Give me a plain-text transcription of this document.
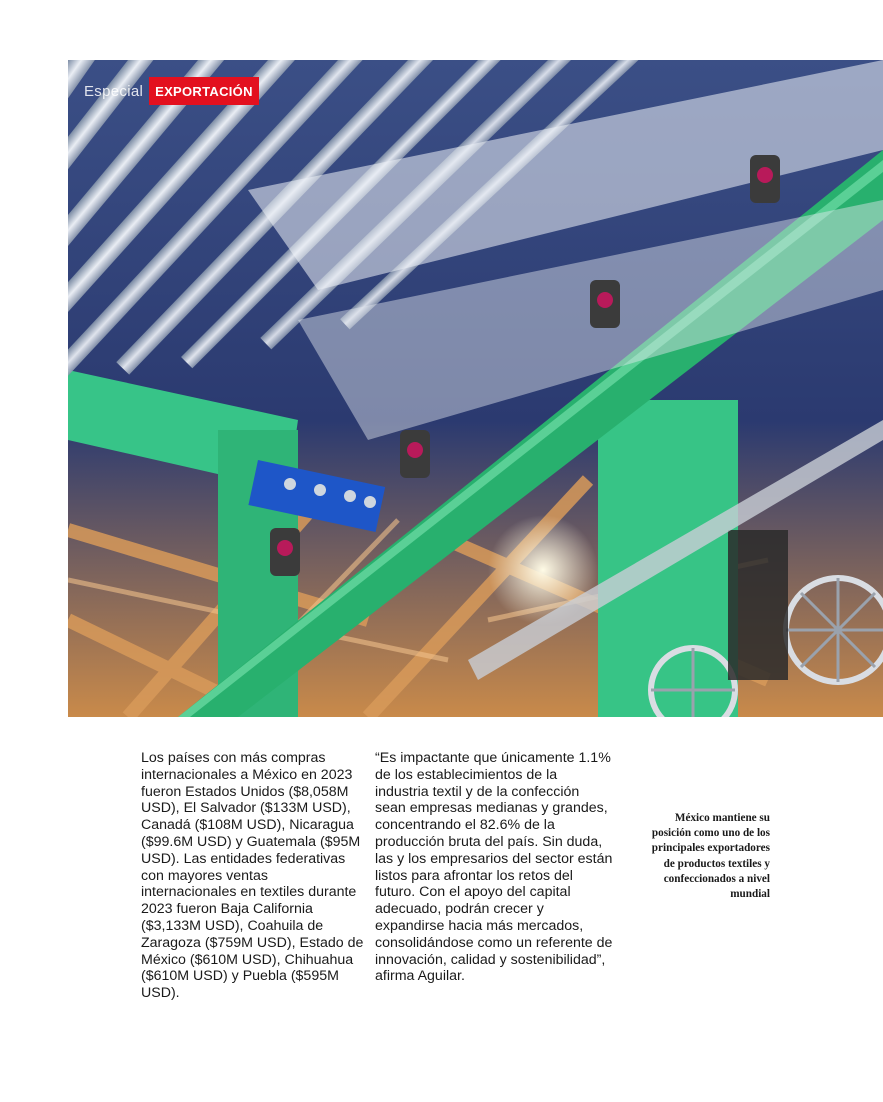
Especial EXPORTACIÓN
Los países con más compras internacionales a México en 2023 fueron Estados Unidos ($8,058M USD), El Salvador ($133M USD), Canadá ($108M USD), Nicaragua ($99.6M USD) y Guatemala ($95M USD). Las entidades federativas con mayores ventas internacionales en textiles durante 2023 fueron Baja California ($3,133M USD), Coahuila de Zaragoza ($759M USD), Estado de México ($610M USD), Chihuahua ($610M USD) y Puebla ($595M USD).
“Es impactante que únicamente 1.1% de los establecimientos de la industria textil y de la confección sean empresas medianas y grandes, concentrando el 82.6% de la producción bruta del país. Sin duda, las y los empresarios del sector están listos para afrontar los retos del futuro. Con el apoyo del capital adecuado, podrán crecer y expandirse hacia más mercados, consolidándose como un referente de innovación, calidad y sostenibilidad”, afirma Aguilar.
México mantiene su posición como uno de los principales exportadores de productos textiles y confeccionados a nivel mundial
